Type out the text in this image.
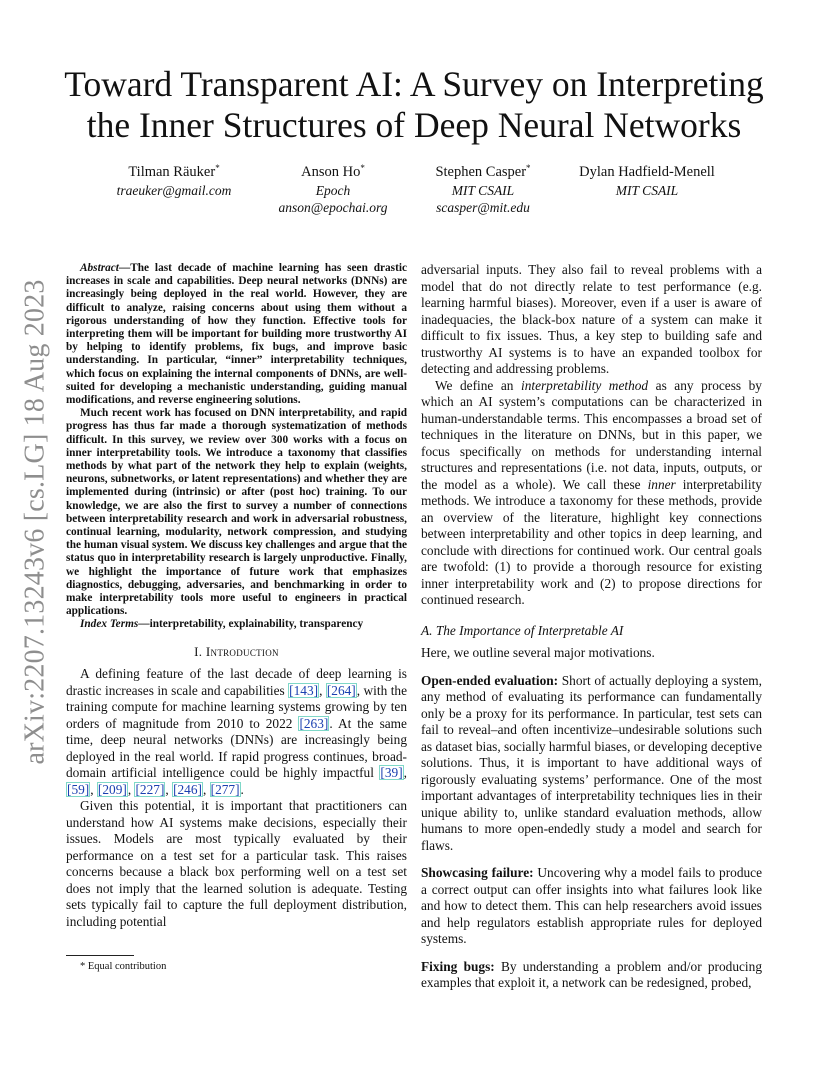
arXiv:2207.13243v6 [cs.LG] 18 Aug 2023
Toward Transparent AI: A Survey on Interpreting the Inner Structures of Deep Neural Networks
Tilman Räuker*
traeuker@gmail.com
Anson Ho*
Epoch
anson@epochai.org
Stephen Casper*
MIT CSAIL
scasper@mit.edu
Dylan Hadfield-Menell
MIT CSAIL

Abstract—The last decade of machine learning has seen drastic increases in scale and capabilities. Deep neural networks (DNNs) are increasingly being deployed in the real world. However, they are difficult to analyze, raising concerns about using them without a rigorous understanding of how they function. Effective tools for interpreting them will be important for building more trustworthy AI by helping to identify problems, fix bugs, and improve basic understanding. In particular, “inner” interpretability techniques, which focus on explaining the internal components of DNNs, are well-suited for developing a mechanistic understanding, guiding manual modifications, and reverse engineering solutions.

Much recent work has focused on DNN interpretability, and rapid progress has thus far made a thorough systematization of methods difficult. In this survey, we review over 300 works with a focus on inner interpretability tools. We introduce a taxonomy that classifies methods by what part of the network they help to explain (weights, neurons, subnetworks, or latent representations) and whether they are implemented during (intrinsic) or after (post hoc) training. To our knowledge, we are also the first to survey a number of connections between interpretability research and work in adversarial robustness, continual learning, modularity, network compression, and studying the human visual system. We discuss key challenges and argue that the status quo in interpretability research is largely unproductive. Finally, we highlight the importance of future work that emphasizes diagnostics, debugging, adversaries, and benchmarking in order to make interpretability tools more useful to engineers in practical applications.

Index Terms—interpretability, explainability, transparency

I. Introduction

A defining feature of the last decade of deep learning is drastic increases in scale and capabilities [143], [264], with the training compute for machine learning systems growing by ten orders of magnitude from 2010 to 2022 [263]. At the same time, deep neural networks (DNNs) are increasingly being deployed in the real world. If rapid progress continues, broad-domain artificial intelligence could be highly impactful [39], [59], [209], [227], [246], [277].

Given this potential, it is important that practitioners can understand how AI systems make decisions, especially their issues. Models are most typically evaluated by their performance on a test set for a particular task. This raises concerns because a black box performing well on a test set does not imply that the learned solution is adequate. Testing sets typically fail to capture the full deployment distribution, including potential

* Equal contribution

adversarial inputs. They also fail to reveal problems with a model that do not directly relate to test performance (e.g. learning harmful biases). Moreover, even if a user is aware of inadequacies, the black-box nature of a system can make it difficult to fix issues. Thus, a key step to building safe and trustworthy AI systems is to have an expanded toolbox for detecting and addressing problems.

We define an interpretability method as any process by which an AI system’s computations can be characterized in human-understandable terms. This encompasses a broad set of techniques in the literature on DNNs, but in this paper, we focus specifically on methods for understanding internal structures and representations (i.e. not data, inputs, outputs, or the model as a whole). We call these inner interpretability methods. We introduce a taxonomy for these methods, provide an overview of the literature, highlight key connections between interpretability and other topics in deep learning, and conclude with directions for continued work. Our central goals are twofold: (1) to provide a thorough resource for existing inner interpretability work and (2) to propose directions for continued research.

A. The Importance of Interpretable AI

Here, we outline several major motivations.

Open-ended evaluation: Short of actually deploying a system, any method of evaluating its performance can fundamentally only be a proxy for its performance. In particular, test sets can fail to reveal–and often incentivize–undesirable solutions such as dataset bias, socially harmful biases, or developing deceptive solutions. Thus, it is important to have additional ways of rigorously evaluating systems’ performance. One of the most important advantages of interpretability techniques lies in their unique ability to, unlike standard evaluation methods, allow humans to more open-endedly study a model and search for flaws.

Showcasing failure: Uncovering why a model fails to produce a correct output can offer insights into what failures look like and how to detect them. This can help researchers avoid issues and help regulators establish appropriate rules for deployed systems.

Fixing bugs: By understanding a problem and/or producing examples that exploit it, a network can be redesigned, probed,
